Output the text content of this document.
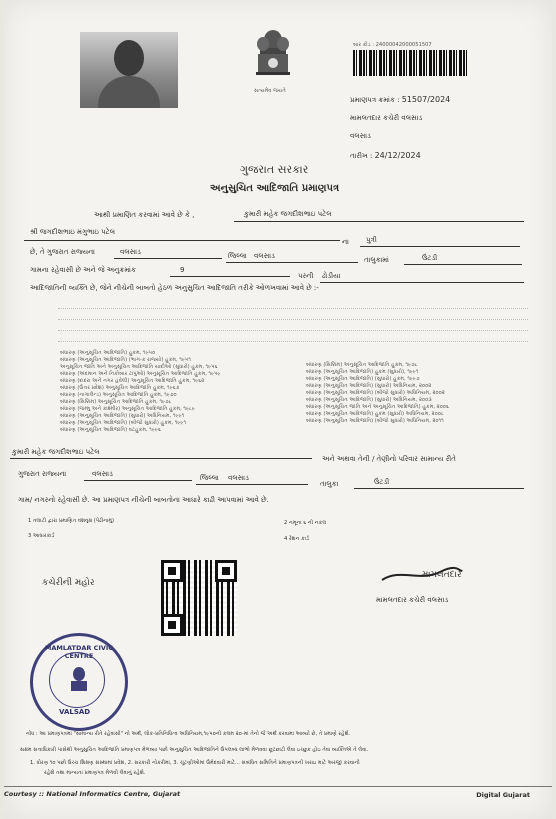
સત્યમેવ જયતે
બાર કોડ : 24000042000051507
પ્રમાણપત્ર ક્રમાંક : 51507/2024
મામલતદાર કચેરી વલસાડ
વલસાડ
તારીખ : 24/12/2024
ગુજરાત સરકાર
અનુસુચિત આદિજાતિ પ્રમાણપત્ર
આથી પ્રમાણિત કરવામાં આવે છે કે ,	કુમારી મહેક જગદીશભાઇ પટેલ
શ્રી જગદીશભાઇ મંગુભાઇ પટેલ
ના પુત્રી
છે, તે ગુજરાત રાજ્યના	વલસાડ	જિલ્લા વલસાડ	તાલુકામાં	ઉંટડી
ગામના રહેવાસી છે અને જે અનુક્રમાંક	9
પરની ઢોડીયા
આદિજાતિની વ્યક્તિ છે, જેને નીચેની બાબતો હેઠળ અનુસુચિત આદિજાતિ તરીકે ઓળખવામાં આવે છે :-
બંધારણ (અનુસૂચિત આદિજાતિ) હુકમ, ૧૯૫૦
બંધારણ (અનુસૂચિત આદિજાતિ) (ભાગ-ક રાજ્યો) હુકમ, ૧૯૫૧
અનુસૂચિત જાતિ અને અનુસૂચિત આદિજાતિ યાદીઓ (સુધારો) હુકમ, ૧૯૫૬
બંધારણ (અંદમાન અને નિકોબાર ટાપુઓ) અનુસૂચિત આદિજાતિ હુકમ, ૧૯૫૯
બંધારણ (દાદરા અને નગર હવેલી) અનુસૂચિત આદિજાતિ હુકમ, ૧૯૬૨
બંધારણ (ઉત્તર પ્રદેશ) અનુસૂચિત આદિજાતિ હુકમ, ૧૯૬૭
બંધારણ (નાગાલેન્ડ) અનુસૂચિત આદિજાતિ હુકમ, ૧૯૭૦
બંધારણ (સિક્કિમ) અનુસૂચિત આદિજાતિ હુકમ, ૧૯૭૮
બંધારણ (જમ્મુ અને કાશ્મીર) અનુસૂચિત આદિજાતિ હુકમ, ૧૯૮૯
બંધારણ (અનુસૂચિત આદિજાતિ) (સુધારો) અધિનિયમ, ૧૯૯૧
બંધારણ (અનુસૂચિત આદિજાતિ) (બીજો સુધારો) હુકમ, ૧૯૯૧
બંધારણ (અનુસૂચિત આદિજાતિ) વટહુકમ, ૧૯૯૬
બંધારણ (સિક્કિમ) અનુસૂચિત આદિજાતિ હુકમ, ૧૯૭૮
બંધારણ (અનુસૂચિત આદિજાતિ) હુકમ (સુધારો), ૧૯૯૧
બંધારણ (અનુસૂચિત આદિજાતિ) (સુધારો) હુકમ, ૧૯૯૭
બંધારણ (અનુસૂચિત આદિજાતિ) (સુધારો) અધિનિયમ, ૨૦૦૨
બંધારણ (અનુસૂચિત આદિજાતિ) (બીજો સુધારો) અધિનિયમ, ૨૦૦૨
બંધારણ (અનુસૂચિત આદિજાતિ) (સુધારો) અધિનિયમ, ૨૦૦૩
બંધારણ (અનુસૂચિત જાતિ અને અનુસૂચિત આદિજાતિ) હુકમ, ૨૦૦૬
બંધારણ (અનુસૂચિત આદિજાતિ) હુકમ (સુધારો) અધિનિયમ, ૨૦૦૮
બંધારણ (અનુસૂચિત આદિજાતિ) (બીજો સુધારો) અધિનિયમ, ૨૦૧૧
કુમારી મહેક જગદીશભાઇ પટેલ
અને અથવા તેની / તેણીનો પરિવાર સામાન્ય રીતે
ગુજરાત રાજ્યના	વલસાડ	જિલ્લા વલસાડ
તાલુકા	ઉંટડી
ગામ/ નગરનો રહેવાસી છે. આ પ્રમાણપત્ર નીચેની બાબતોના આધારે કાઢી આપવામાં આવે છે.
1 તલાટી દ્વારા પ્રમાણિત વંશવૃક્ષ (પેઢીનામું)	2 નમૂના ૬ ની નકલ
3 આધારકાર્ડ	4 રેશન કાર્ડ
કચેરીની મહોર
મામલતદાર
મામલતદાર કચેરી વલસાડ
MAMLATDAR CIVIC CENTRE
VALSAD
નોંધ : આ પ્રમાણપત્રમાં "સામાન્ય રીતે રહેવાસી" નો અર્થ, લોક-પ્રતિનિધિત્વ અધિનિયમ,૧૯૫૦ની કલમ ૨૦-માં તેનો જે અર્થ કરવામાં આવ્યો છે, તે પ્રમાણે રહેશે.
સક્ષમ સત્તાધિકારી પાસેથી અનુસુચિત આદિજાતિ પ્રમાણપત્ર મેળવ્યા પછી અનુસુચિત આદિજાતિને ઉપલબ્ધ લાભો મેળવવા છૂટછાટો લેવા ઇચ્છુક હોઇ તેવા વ્યક્તિએ તે લેવા.
1. ધોરણ ૧૦ પછી ઉચ્ચ શિક્ષણ સંસ્થામાં પ્રવેશ, 2. સરકારી નોકરીમાં, 3. ચૂંટણીઓમાં ઉમેદવારી માટે... સંબંધિત સમિતિને પ્રમાણપત્રની ખરાઇ માટે અરજી કરવાની
રહેશે તથા માન્યતા પ્રમાણપત્ર મેળવી લેવાનું રહેશે.
Courtesy :: National Informatics Centre, Gujarat	Digital Gujarat
